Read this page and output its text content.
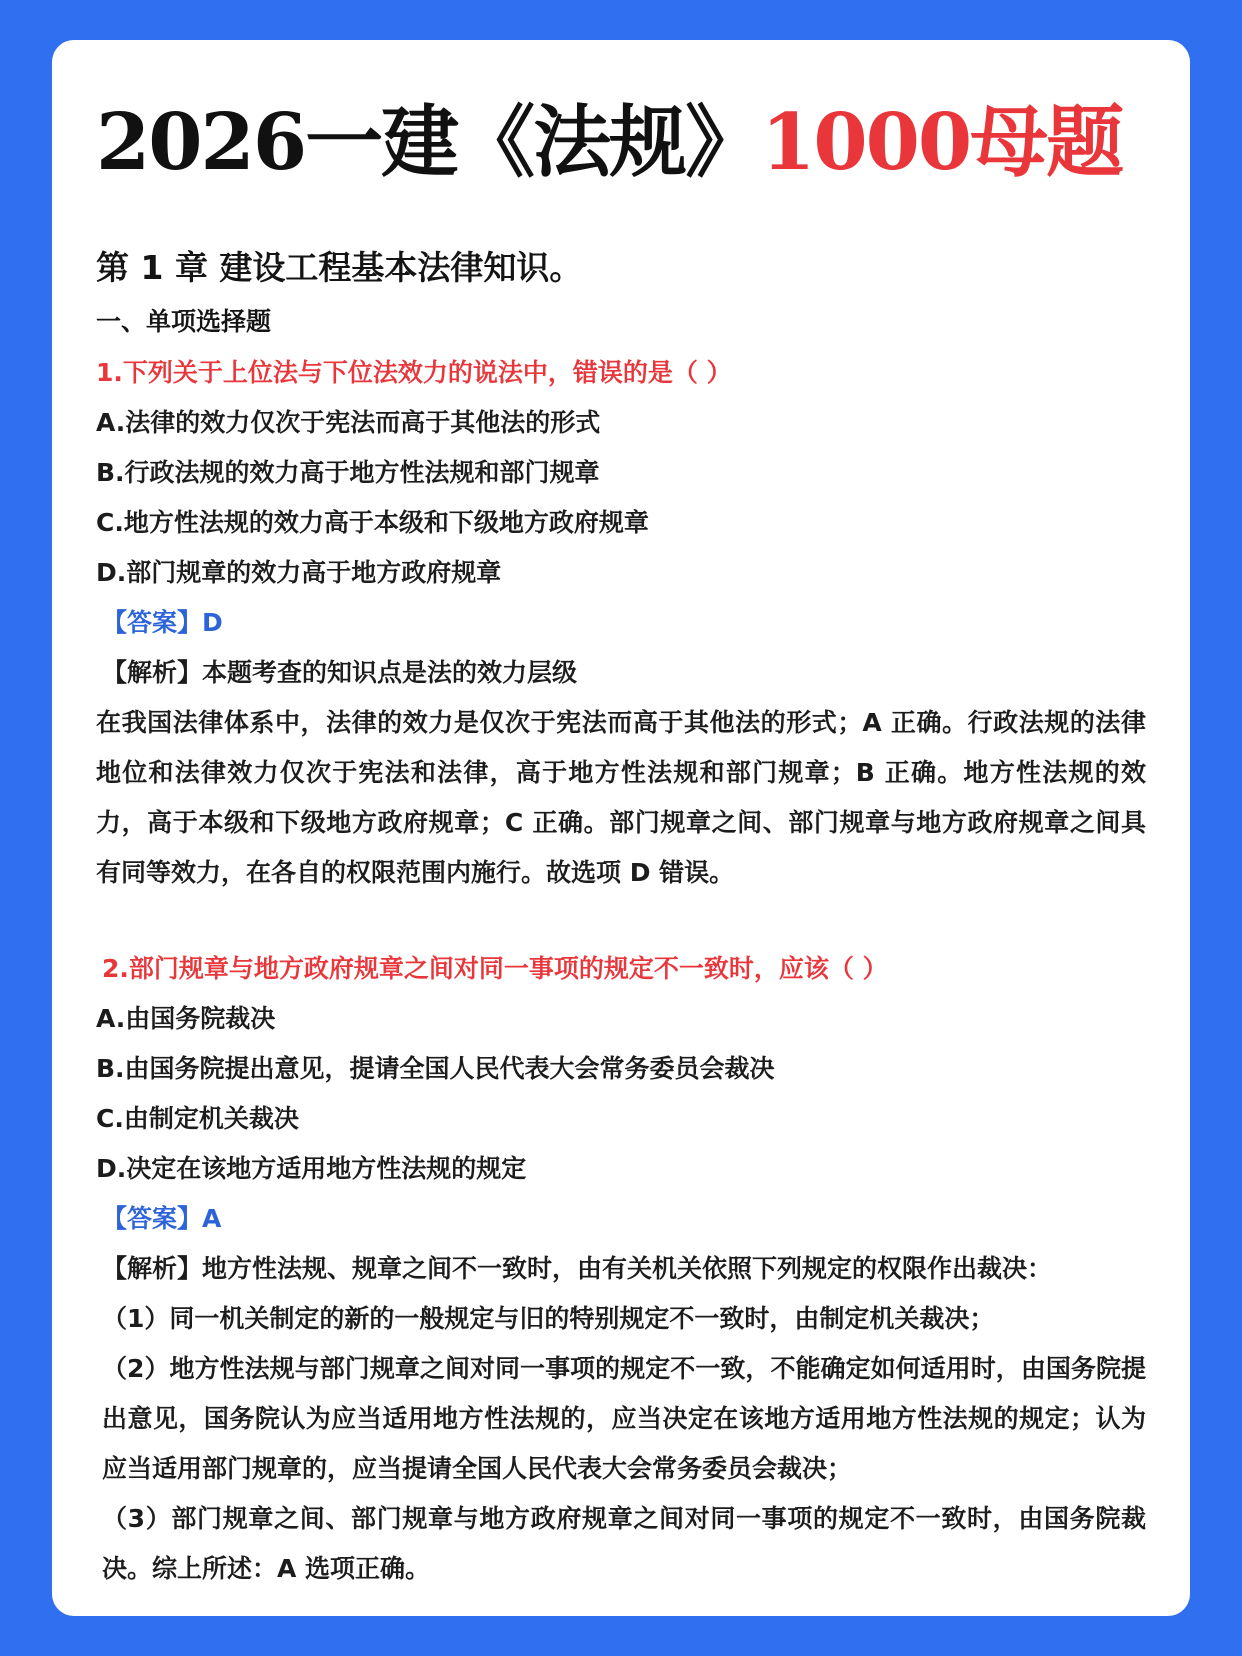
2026一建《法规》1000母题
第 1 章 建设工程基本法律知识。
一、单项选择题
1.下列关于上位法与下位法效力的说法中，错误的是（ ）
A.法律的效力仅次于宪法而高于其他法的形式
B.行政法规的效力高于地方性法规和部门规章
C.地方性法规的效力高于本级和下级地方政府规章
D.部门规章的效力高于地方政府规章
【答案】D
【解析】本题考查的知识点是法的效力层级

在我国法律体系中，法律的效力是仅次于宪法而高于其他法的形式；A 正确。行政法规的法律地位和法律效力仅次于宪法和法律，高于地方性法规和部门规章；B 正确。地方性法规的效力，高于本级和下级地方政府规章；C 正确。部门规章之间、部门规章与地方政府规章之间具有同等效力，在各自的权限范围内施行。故选项 D 错误。

2.部门规章与地方政府规章之间对同一事项的规定不一致时，应该（ ）
A.由国务院裁决
B.由国务院提出意见，提请全国人民代表大会常务委员会裁决
C.由制定机关裁决
D.决定在该地方适用地方性法规的规定
【答案】A
【解析】地方性法规、规章之间不一致时，由有关机关依照下列规定的权限作出裁决：

（1）同一机关制定的新的一般规定与旧的特别规定不一致时，由制定机关裁决；

（2）地方性法规与部门规章之间对同一事项的规定不一致，不能确定如何适用时，由国务院提出意见，国务院认为应当适用地方性法规的，应当决定在该地方适用地方性法规的规定；认为应当适用部门规章的，应当提请全国人民代表大会常务委员会裁决；

（3）部门规章之间、部门规章与地方政府规章之间对同一事项的规定不一致时，由国务院裁决。综上所述：A 选项正确。
